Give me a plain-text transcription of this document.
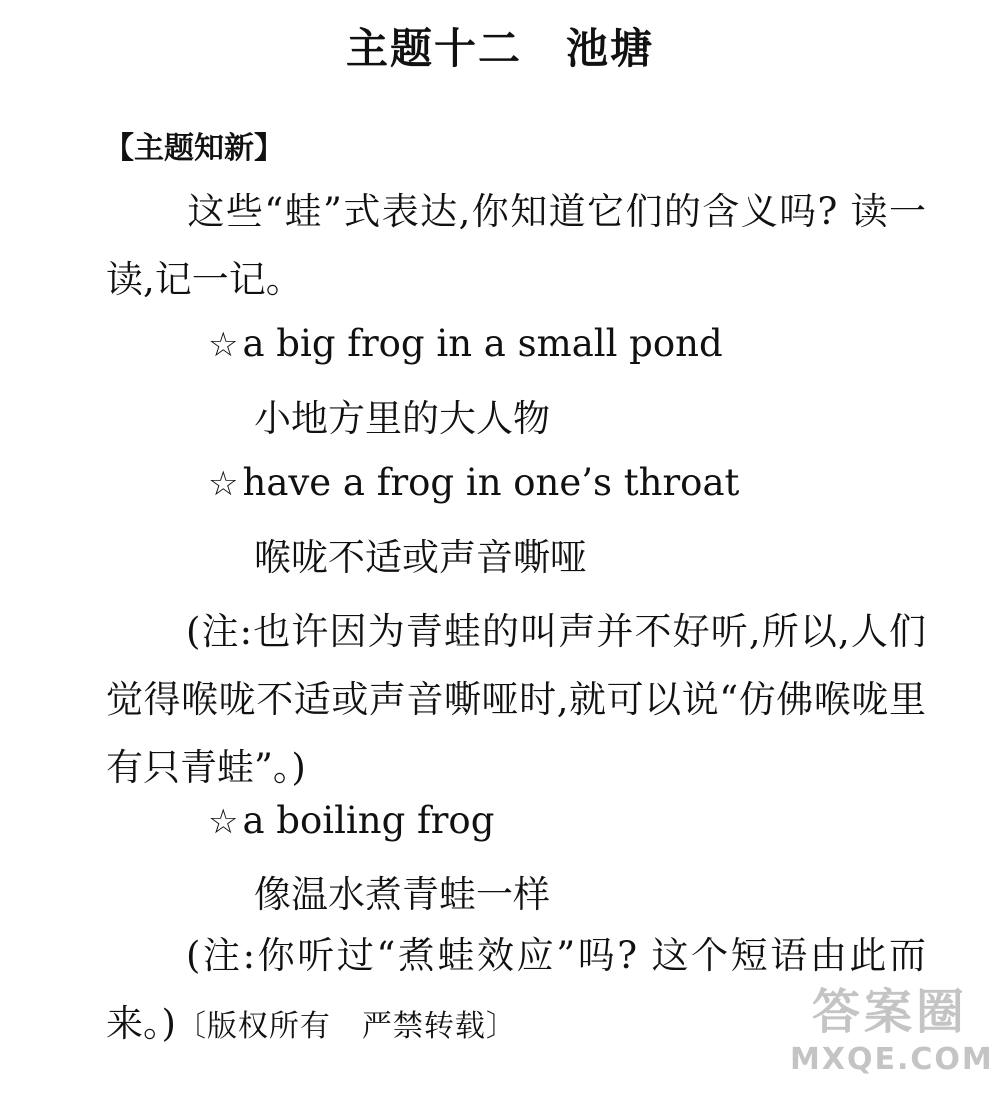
主题十二　池塘
【主题知新】
这些“蛙”式表达,你知道它们的含义吗? 读一读,记一记。
☆ a big frog in a small pond
小地方里的大人物
☆ have a frog in one’s throat
喉咙不适或声音嘶哑
(注:也许因为青蛙的叫声并不好听,所以,人们觉得喉咙不适或声音嘶哑时,就可以说“仿佛喉咙里有只青蛙”。)
☆ a boiling frog
像温水煮青蛙一样
(注:你听过“煮蛙效应”吗? 这个短语由此而来。)〔版权所有　严禁转载〕	答案圈
MXQE.COM
